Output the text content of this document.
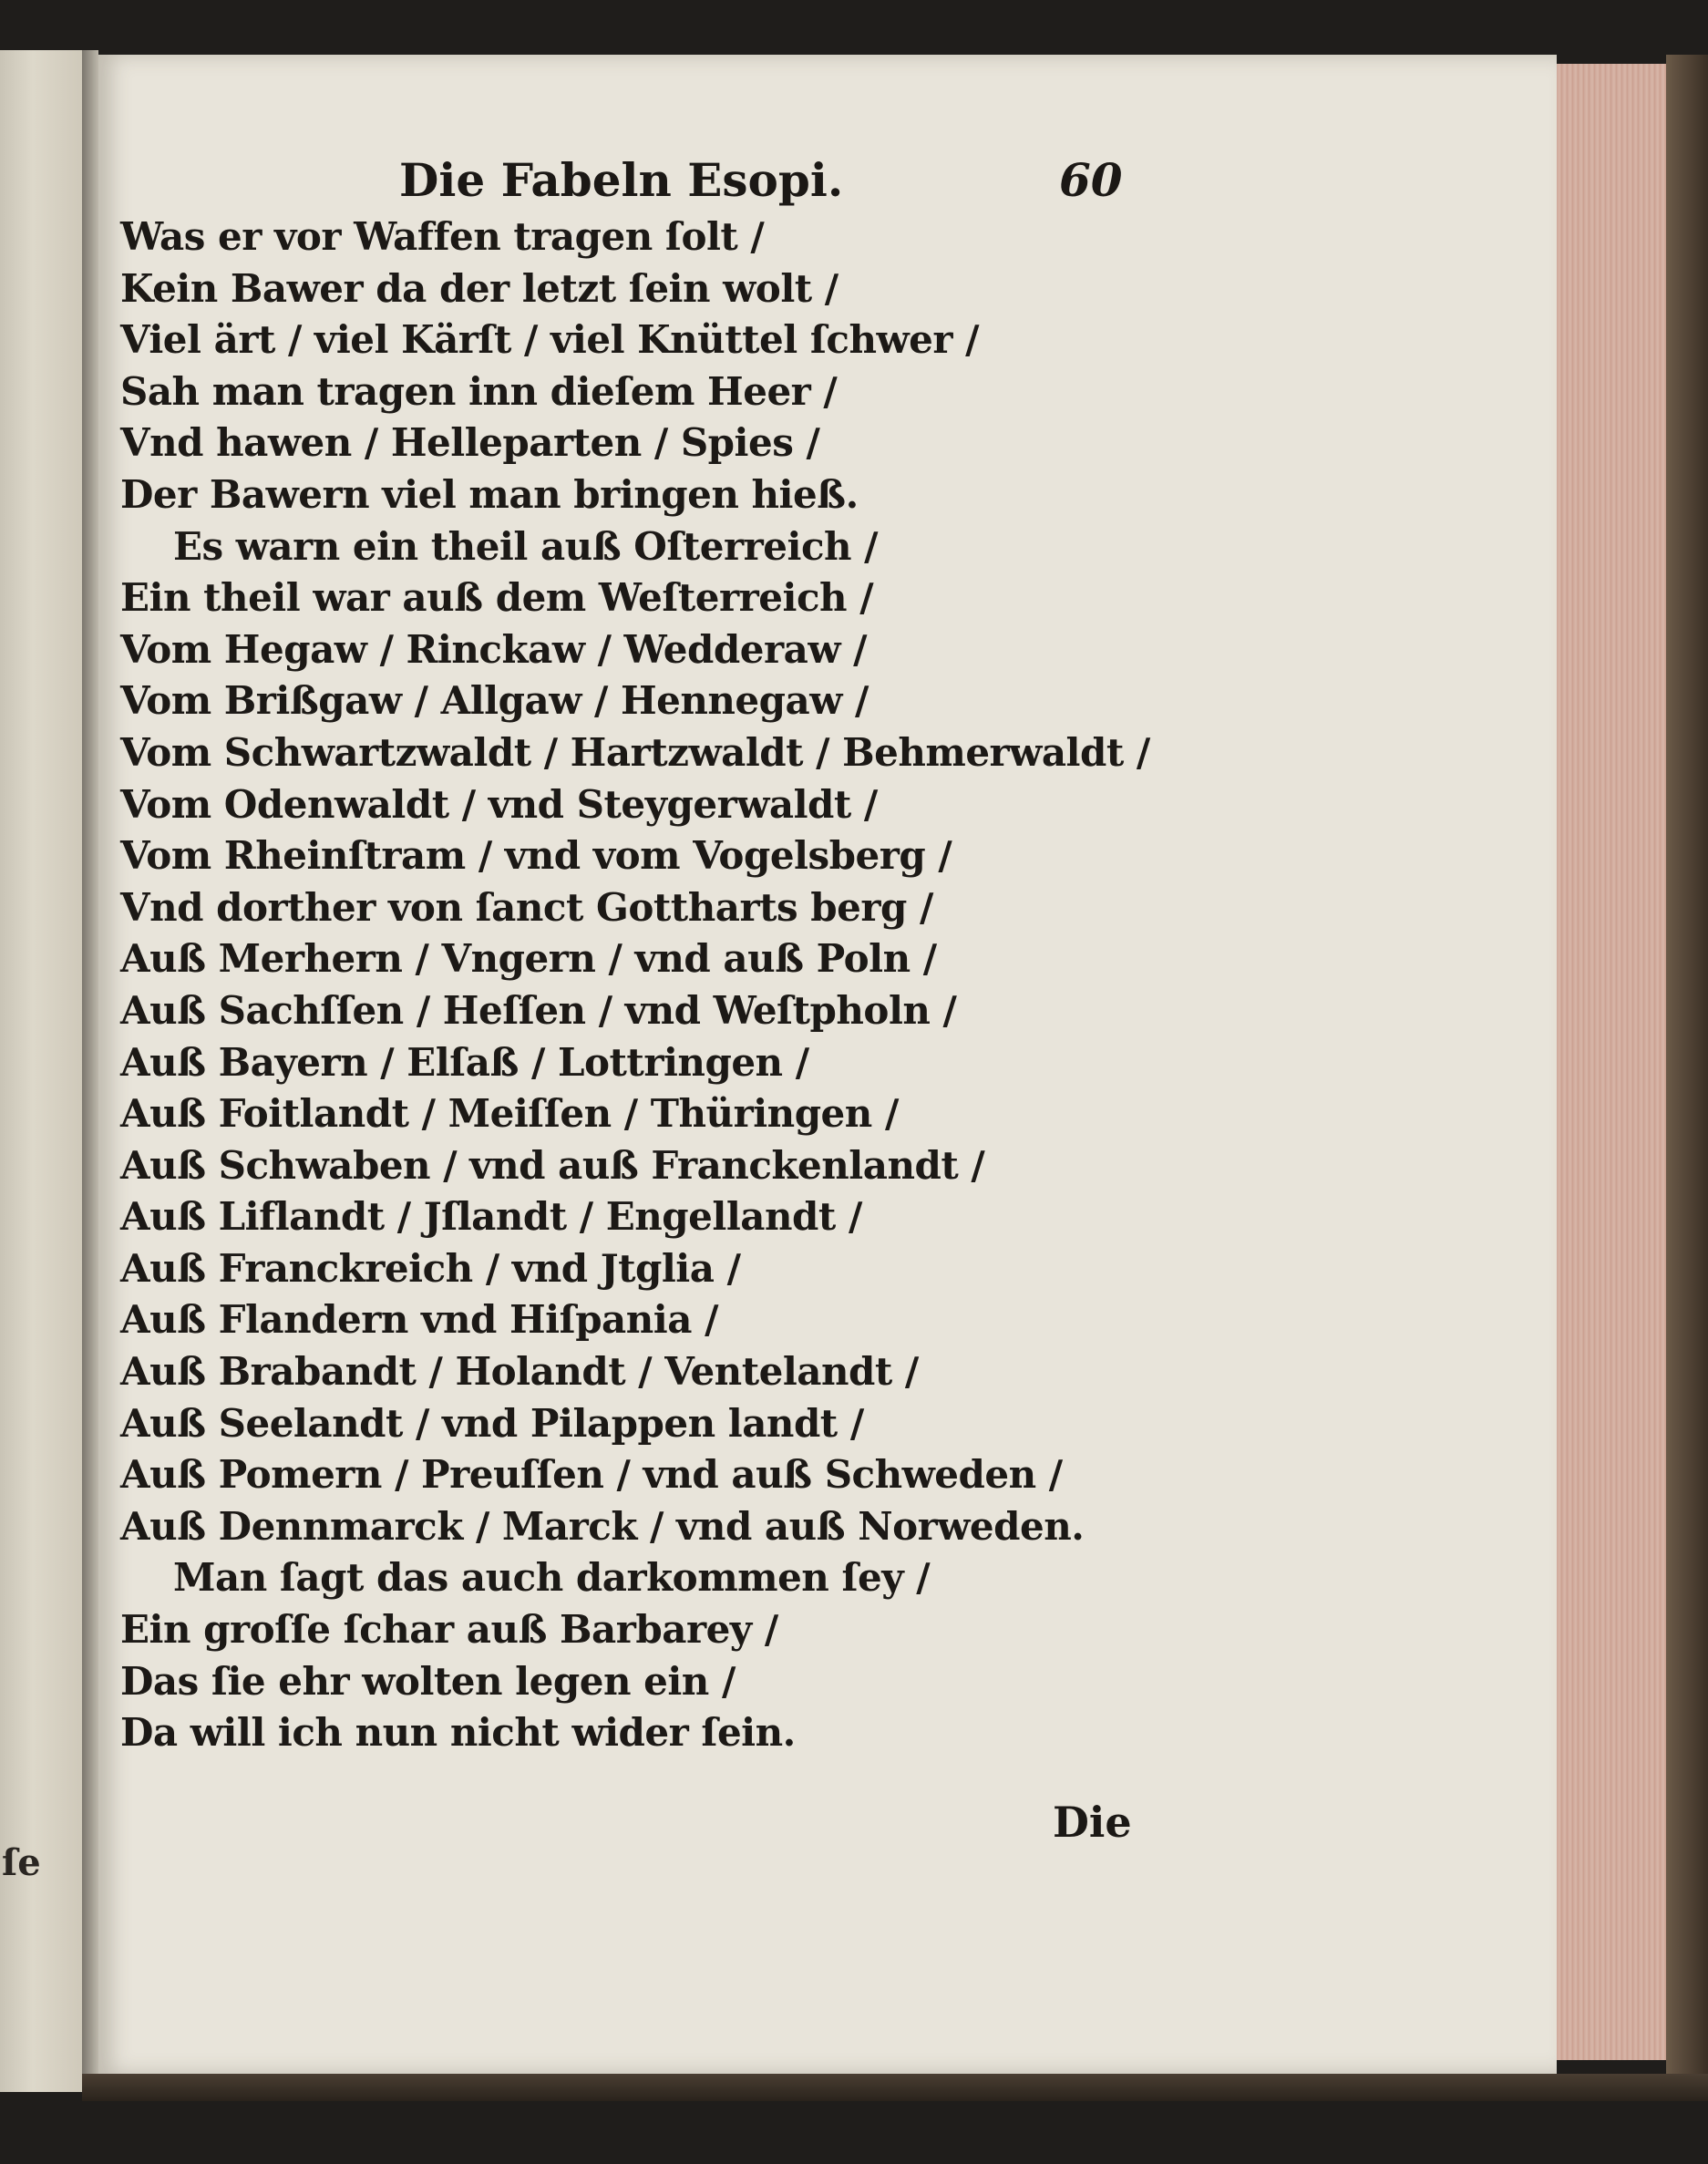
ſe
Die Fabeln Esopi.	60
Was er vor Waffen tragen ſolt /
Kein Bawer da der letzt ſein wolt /
Viel ärt / viel Kärſt / viel Knüttel ſchwer /
Sah man tragen inn dieſem Heer /
Vnd hawen / Helleparten / Spies /
Der Bawern viel man bringen hieß.
Es warn ein theil auß Oſterreich /
Ein theil war auß dem Weſterreich /
Vom Hegaw / Rinckaw / Wedderaw /
Vom Brißgaw / Allgaw / Hennegaw /
Vom Schwartzwaldt / Hartzwaldt / Behmerwaldt /
Vom Odenwaldt / vnd Steygerwaldt /
Vom Rheinſtram / vnd vom Vogelsberg /
Vnd dorther von ſanct Gottharts berg /
Auß Merhern / Vngern / vnd auß Poln /
Auß Sachſſen / Heſſen / vnd Weſtpholn /
Auß Bayern / Elſaß / Lottringen /
Auß Foitlandt / Meiſſen / Thüringen /
Auß Schwaben / vnd auß Franckenlandt /
Auß Liflandt / Jſlandt / Engellandt /
Auß Franckreich / vnd Jtglia /
Auß Flandern vnd Hiſpania /
Auß Brabandt / Holandt / Ventelandt /
Auß Seelandt / vnd Pilappen landt /
Auß Pomern / Preuſſen / vnd auß Schweden /
Auß Dennmarck / Marck / vnd auß Norweden.
Man ſagt das auch darkommen ſey /
Ein groſſe ſchar auß Barbarey /
Das ſie ehr wolten legen ein /
Da will ich nun nicht wider ſein.
Die
